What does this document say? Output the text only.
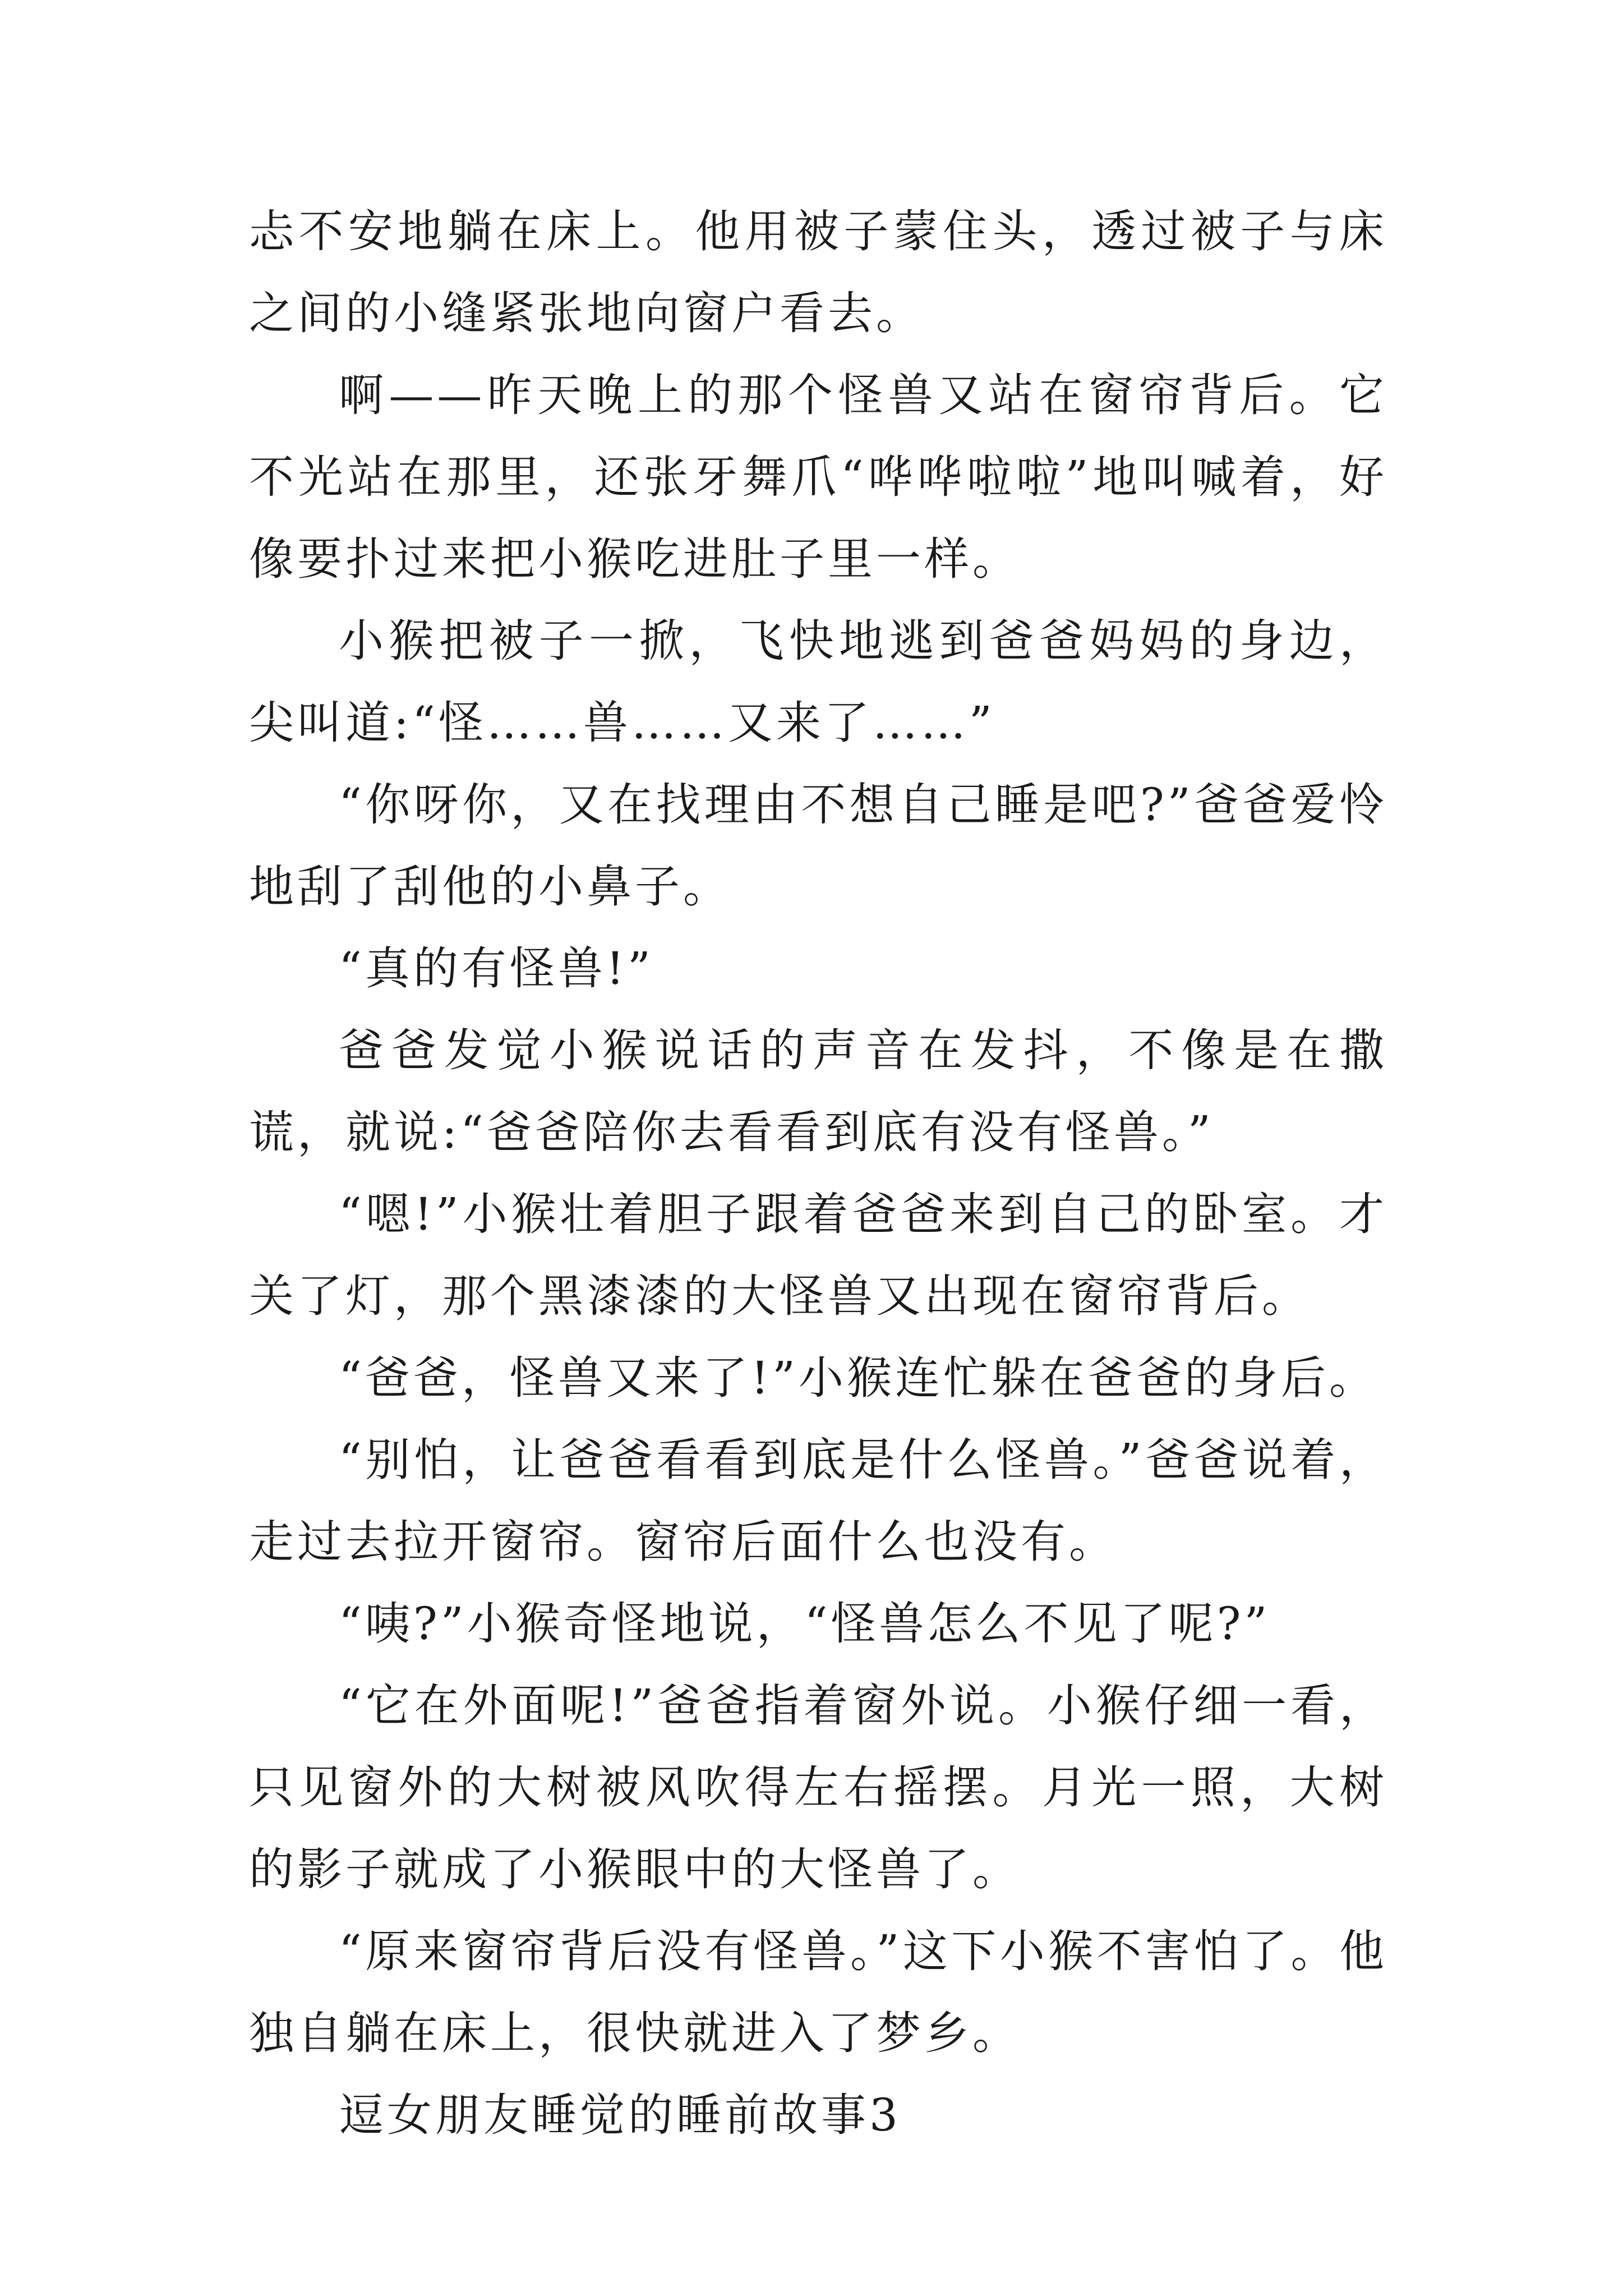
忐不安地躺在床上。他用被子蒙住头，透过被子与床之间的小缝紧张地向窗户看去。

啊——昨天晚上的那个怪兽又站在窗帘背后。它不光站在那里，还张牙舞爪“哗哗啦啦”地叫喊着，好像要扑过来把小猴吃进肚子里一样。

小猴把被子一掀，飞快地逃到爸爸妈妈的身边，尖叫道:“怪……兽……又来了……”

“你呀你，又在找理由不想自己睡是吧?”爸爸爱怜地刮了刮他的小鼻子。

“真的有怪兽!”

爸爸发觉小猴说话的声音在发抖，不像是在撒谎，就说:“爸爸陪你去看看到底有没有怪兽。”

“嗯!”小猴壮着胆子跟着爸爸来到自己的卧室。才关了灯，那个黑漆漆的大怪兽又出现在窗帘背后。

“爸爸，怪兽又来了!”小猴连忙躲在爸爸的身后。

“别怕，让爸爸看看到底是什么怪兽。”爸爸说着，走过去拉开窗帘。窗帘后面什么也没有。

“咦?”小猴奇怪地说，“怪兽怎么不见了呢?”

“它在外面呢!”爸爸指着窗外说。小猴仔细一看，只见窗外的大树被风吹得左右摇摆。月光一照，大树的影子就成了小猴眼中的大怪兽了。

“原来窗帘背后没有怪兽。”这下小猴不害怕了。他独自躺在床上，很快就进入了梦乡。

逗女朋友睡觉的睡前故事3
